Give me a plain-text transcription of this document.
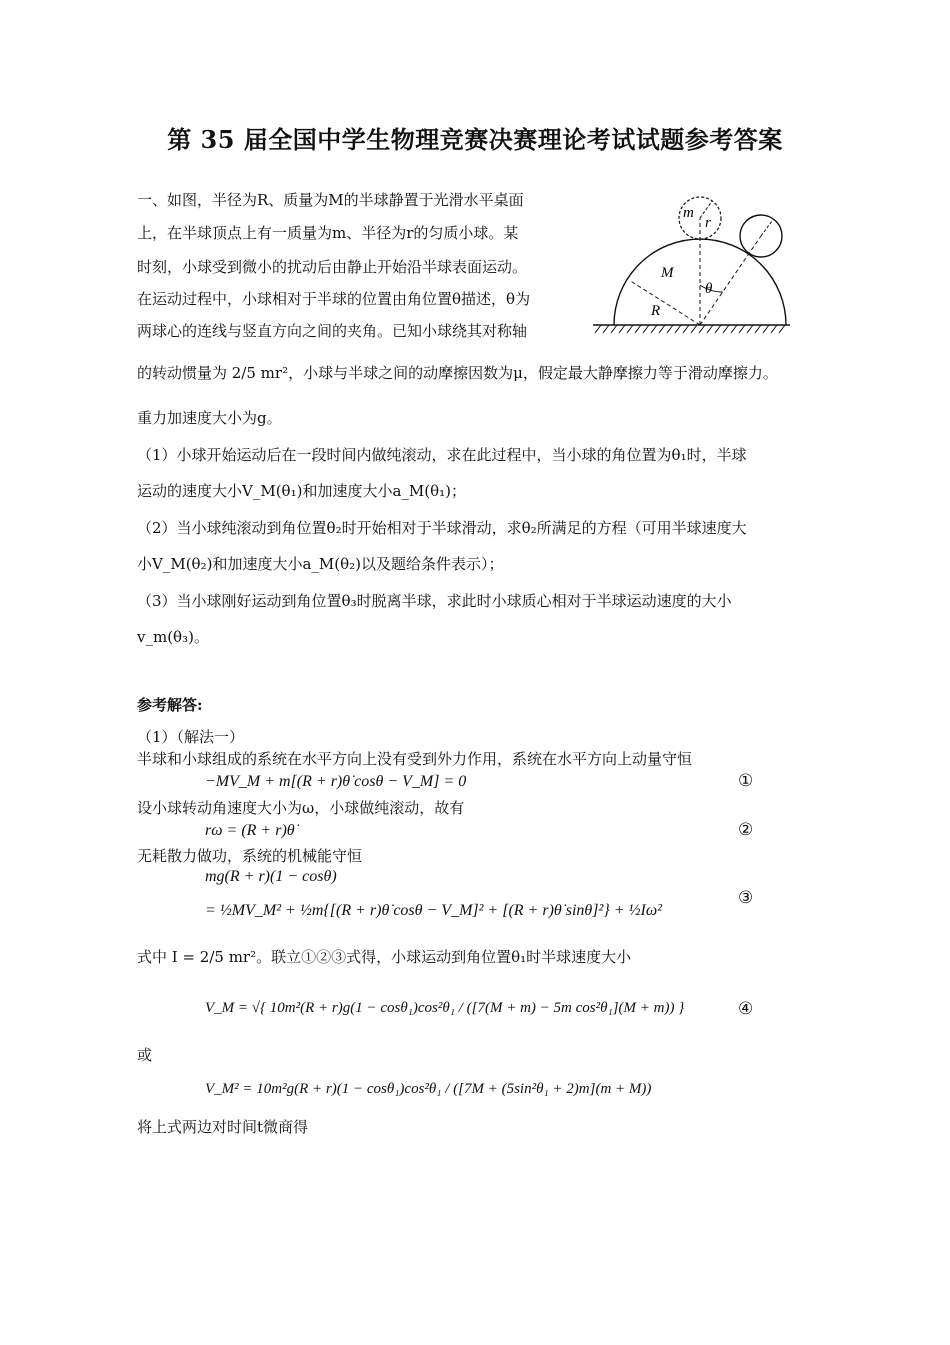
第 35 届全国中学生物理竞赛决赛理论考试试题参考答案
一、如图，半径为R、质量为M的半球静置于光滑水平桌面
上，在半球顶点上有一质量为m、半径为r的匀质小球。某
时刻，小球受到微小的扰动后由静止开始沿半球表面运动。
在运动过程中，小球相对于半球的位置由角位置θ描述，θ为
两球心的连线与竖直方向之间的夹角。已知小球绕其对称轴
的转动惯量为 2/5 mr²，小球与半球之间的动摩擦因数为μ，假定最大静摩擦力等于滑动摩擦力。
重力加速度大小为g。
（1）小球开始运动后在一段时间内做纯滚动，求在此过程中，当小球的角位置为θ₁时，半球
运动的速度大小V_M(θ₁)和加速度大小a_M(θ₁)；
（2）当小球纯滚动到角位置θ₂时开始相对于半球滑动，求θ₂所满足的方程（可用半球速度大
小V_M(θ₂)和加速度大小a_M(θ₂)以及题给条件表示）；
（3）当小球刚好运动到角位置θ₃时脱离半球，求此时小球质心相对于半球运动速度的大小
v_m(θ₃)。
m
r
M
θ
R
参考解答:
（1）（解法一）
半球和小球组成的系统在水平方向上没有受到外力作用，系统在水平方向上动量守恒
−MV_M + m[(R + r)θ̇ cosθ − V_M] = 0	①
设小球转动角速度大小为ω，小球做纯滚动，故有
rω = (R + r)θ̇	②
无耗散力做功，系统的机械能守恒
mg(R + r)(1 − cosθ)
= ½MV_M² + ½m{[(R + r)θ̇ cosθ − V_M]² + [(R + r)θ̇ sinθ]²} + ½Iω²
③
式中 I = 2/5 mr²。联立①②③式得，小球运动到角位置θ₁时半球速度大小
V_M = √{ 10m²(R + r)g(1 − cosθ₁)cos²θ₁ / ([7(M + m) − 5m cos²θ₁](M + m)) }	④
或
V_M² = 10m²g(R + r)(1 − cosθ₁)cos²θ₁ / ([7M + (5sin²θ₁ + 2)m](m + M))
将上式两边对时间t微商得
